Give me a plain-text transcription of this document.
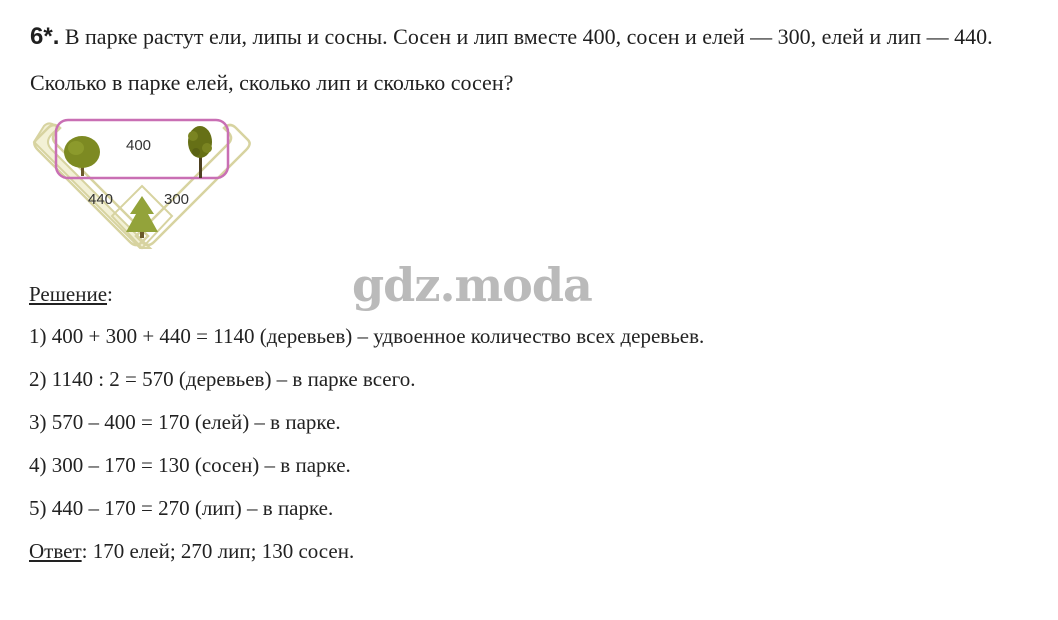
6*. В парке растут ели, липы и сосны. Сосен и лип вместе 400, сосен и елей — 300, елей и лип — 440. Сколько в парке елей, сколько лип и сколько сосен?
400
440	300
gdz.moda
Решение:
1) 400 + 300 + 440 = 1140 (деревьев) – удвоенное количество всех деревьев.
2) 1140 : 2 = 570 (деревьев) – в парке всего.
3) 570 – 400 = 170 (елей) – в парке.
4) 300 – 170 = 130 (сосен) – в парке.
5) 440 – 170 = 270 (лип) – в парке.
Ответ: 170 елей; 270 лип; 130 сосен.
